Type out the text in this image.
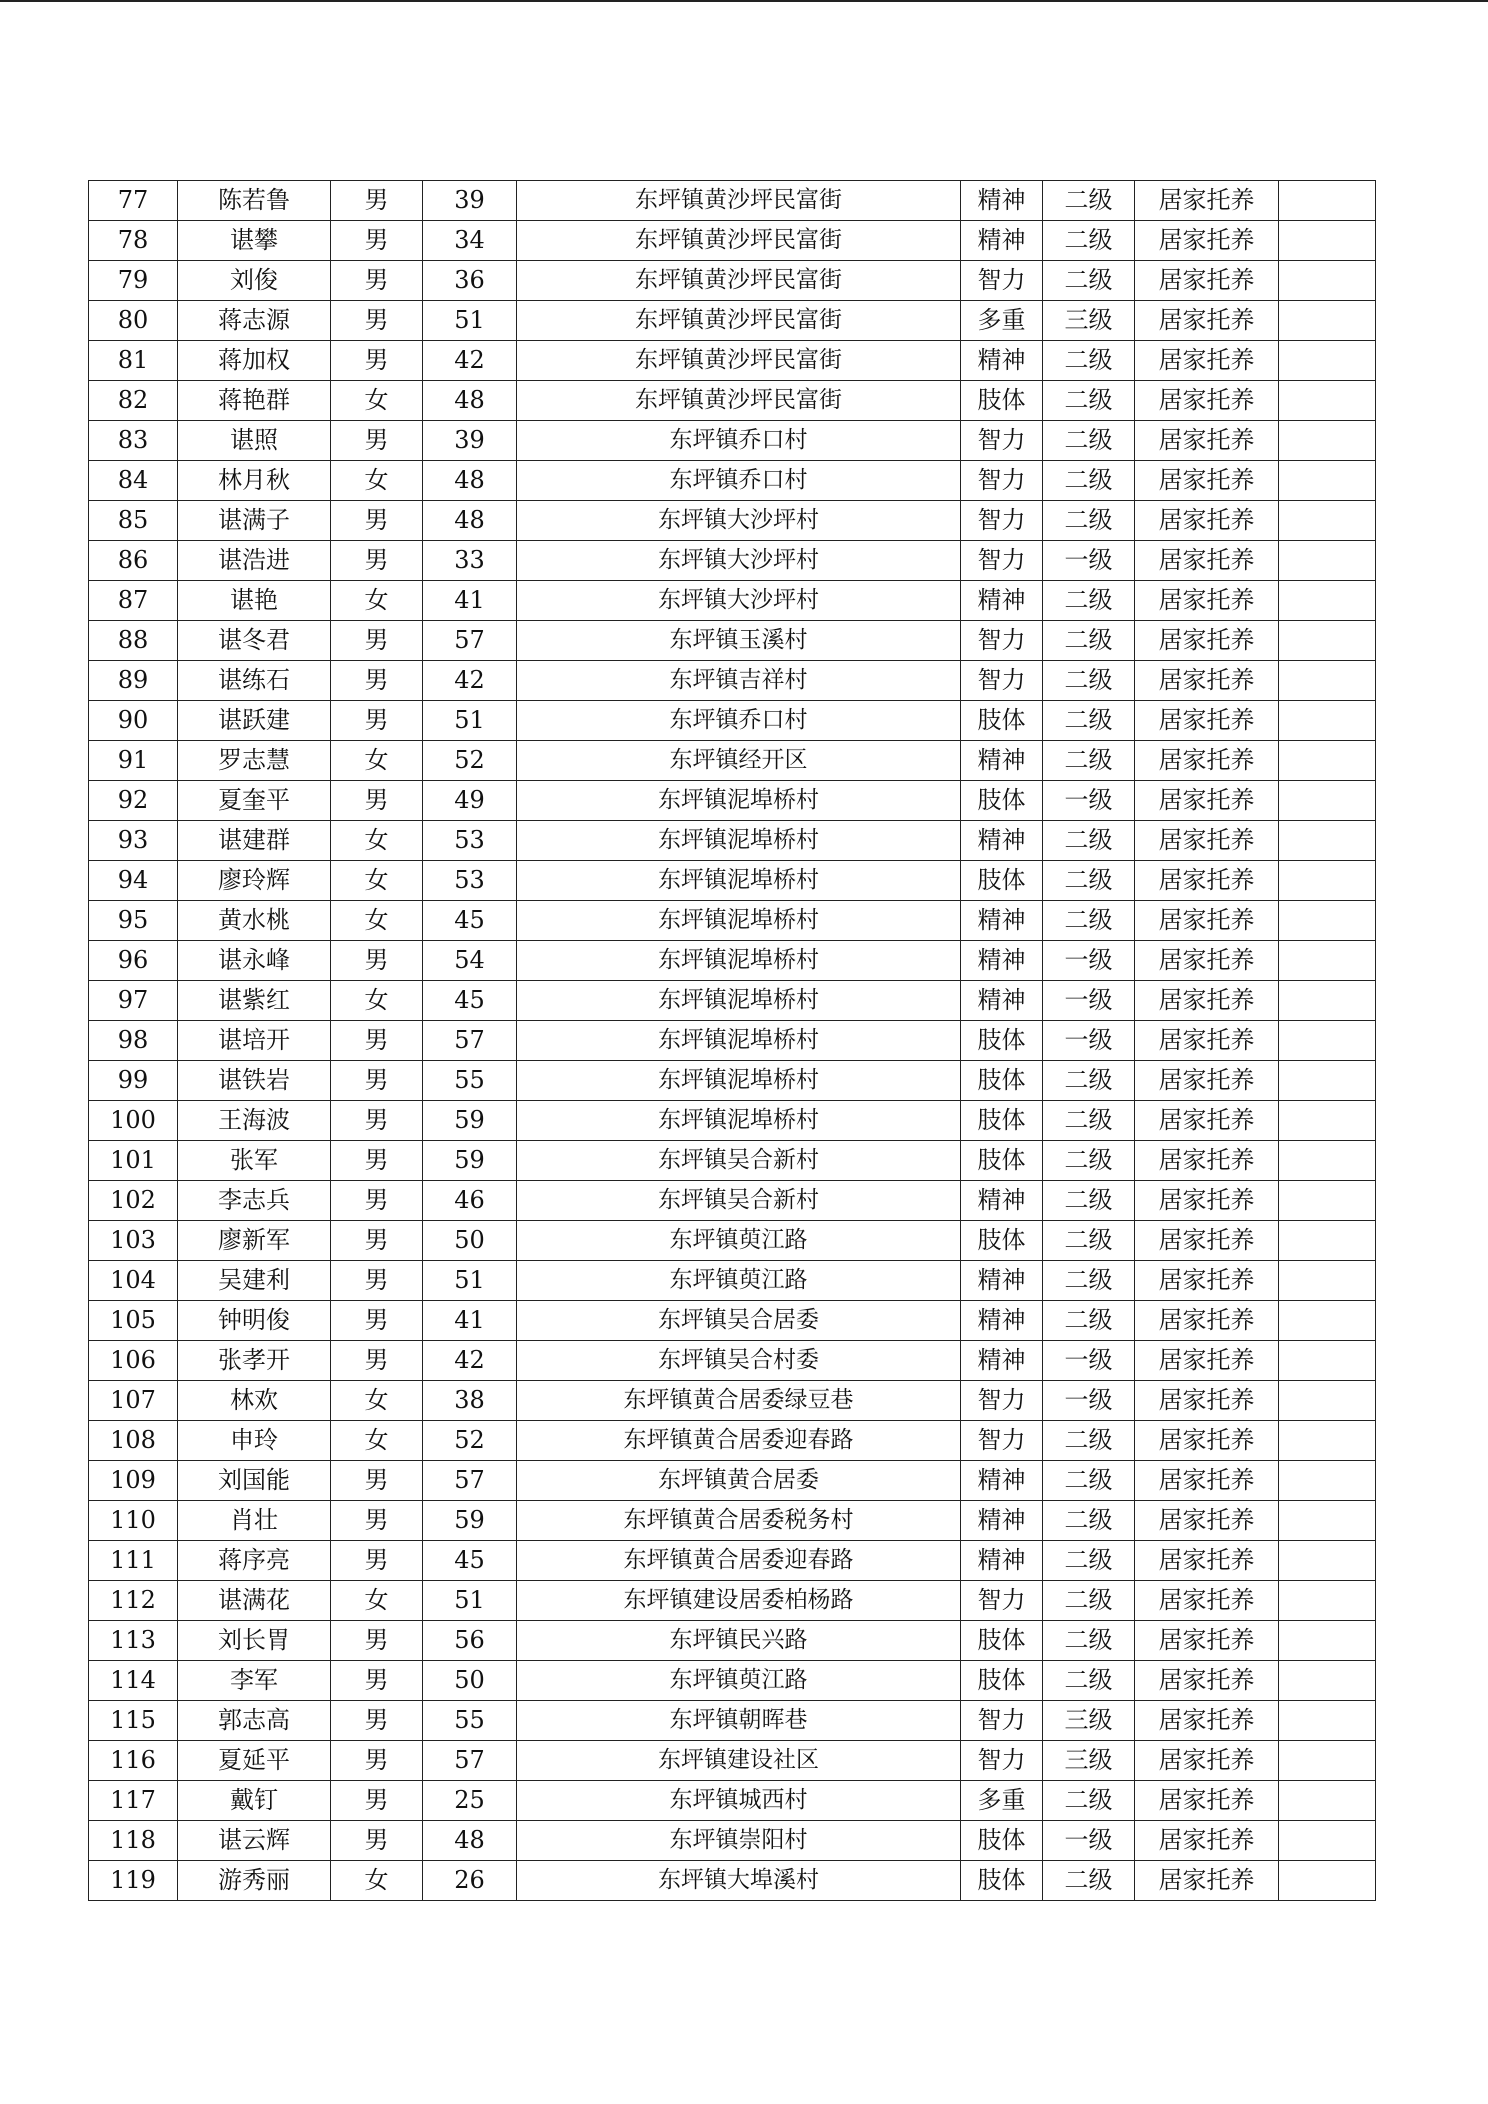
77	陈若鲁	男	39	东坪镇黄沙坪民富街	精神	二级	居家托养	
78	谌攀	男	34	东坪镇黄沙坪民富街	精神	二级	居家托养	
79	刘俊	男	36	东坪镇黄沙坪民富街	智力	二级	居家托养	
80	蒋志源	男	51	东坪镇黄沙坪民富街	多重	三级	居家托养	
81	蒋加权	男	42	东坪镇黄沙坪民富街	精神	二级	居家托养	
82	蒋艳群	女	48	东坪镇黄沙坪民富街	肢体	二级	居家托养	
83	谌照	男	39	东坪镇乔口村	智力	二级	居家托养	
84	林月秋	女	48	东坪镇乔口村	智力	二级	居家托养	
85	谌满子	男	48	东坪镇大沙坪村	智力	二级	居家托养	
86	谌浩进	男	33	东坪镇大沙坪村	智力	一级	居家托养	
87	谌艳	女	41	东坪镇大沙坪村	精神	二级	居家托养	
88	谌冬君	男	57	东坪镇玉溪村	智力	二级	居家托养	
89	谌练石	男	42	东坪镇吉祥村	智力	二级	居家托养	
90	谌跃建	男	51	东坪镇乔口村	肢体	二级	居家托养	
91	罗志慧	女	52	东坪镇经开区	精神	二级	居家托养	
92	夏奎平	男	49	东坪镇泥埠桥村	肢体	一级	居家托养	
93	谌建群	女	53	东坪镇泥埠桥村	精神	二级	居家托养	
94	廖玲辉	女	53	东坪镇泥埠桥村	肢体	二级	居家托养	
95	黄水桃	女	45	东坪镇泥埠桥村	精神	二级	居家托养	
96	谌永峰	男	54	东坪镇泥埠桥村	精神	一级	居家托养	
97	谌紫红	女	45	东坪镇泥埠桥村	精神	一级	居家托养	
98	谌培开	男	57	东坪镇泥埠桥村	肢体	一级	居家托养	
99	谌铁岩	男	55	东坪镇泥埠桥村	肢体	二级	居家托养	
100	王海波	男	59	东坪镇泥埠桥村	肢体	二级	居家托养	
101	张军	男	59	东坪镇吴合新村	肢体	二级	居家托养	
102	李志兵	男	46	东坪镇吴合新村	精神	二级	居家托养	
103	廖新军	男	50	东坪镇萸江路	肢体	二级	居家托养	
104	吴建利	男	51	东坪镇萸江路	精神	二级	居家托养	
105	钟明俊	男	41	东坪镇吴合居委	精神	二级	居家托养	
106	张孝开	男	42	东坪镇吴合村委	精神	一级	居家托养	
107	林欢	女	38	东坪镇黄合居委绿豆巷	智力	一级	居家托养	
108	申玲	女	52	东坪镇黄合居委迎春路	智力	二级	居家托养	
109	刘国能	男	57	东坪镇黄合居委	精神	二级	居家托养	
110	肖壮	男	59	东坪镇黄合居委税务村	精神	二级	居家托养	
111	蒋序亮	男	45	东坪镇黄合居委迎春路	精神	二级	居家托养	
112	谌满花	女	51	东坪镇建设居委柏杨路	智力	二级	居家托养	
113	刘长胃	男	56	东坪镇民兴路	肢体	二级	居家托养	
114	李军	男	50	东坪镇萸江路	肢体	二级	居家托养	
115	郭志高	男	55	东坪镇朝晖巷	智力	三级	居家托养	
116	夏延平	男	57	东坪镇建设社区	智力	三级	居家托养	
117	戴钉	男	25	东坪镇城西村	多重	二级	居家托养	
118	谌云辉	男	48	东坪镇崇阳村	肢体	一级	居家托养	
119	游秀丽	女	26	东坪镇大埠溪村	肢体	二级	居家托养	
